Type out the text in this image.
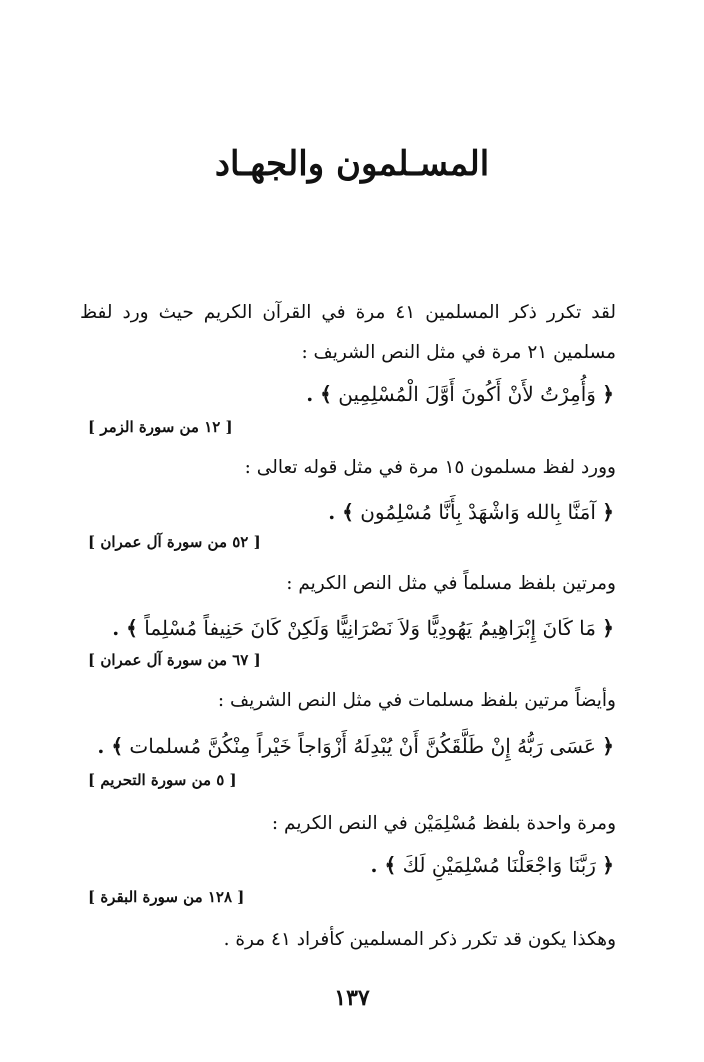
المسـلمون والجهـاد
لقد تكرر ذكر المسلمين ٤١ مرة في القرآن الكريم حيث ورد لفظ
مسلمين ٢١ مرة في مثل النص الشريف :
﴿ وَأُمِرْتُ لأَنْ أَكُونَ أَوَّلَ الْمُسْلِمِين ﴾ .
[ ١٢ من سورة الزمر ]
وورد لفظ مسلمون ١٥ مرة في مثل قوله تعالى :
﴿ آمَنَّا بِالله وَاشْهَدْ بِأَنَّا مُسْلِمُون ﴾ .
[ ٥٢ من سورة آل عمران ]
ومرتين بلفظ مسلماً في مثل النص الكريم :
﴿ مَا كَانَ إِبْرَاهِيمُ يَهُودِيًّا وَلاَ نَصْرَانِيًّا وَلَكِنْ كَانَ حَنِيفاً مُسْلِماً ﴾ .
[ ٦٧ من سورة آل عمران ]
وأيضاً مرتين بلفظ مسلمات في مثل النص الشريف :
﴿ عَسَى رَبُّهُ إِنْ طَلَّقَكُنَّ أَنْ يُبْدِلَهُ أَزْوَاجاً خَيْراً مِنْكُنَّ مُسلمات ﴾ .
[ ٥ من سورة التحريم ]
ومرة واحدة بلفظ مُسْلِمَيْن في النص الكريم :
﴿ رَبَّنَا وَاجْعَلْنَا مُسْلِمَيْنِ لَكَ ﴾ .
[ ١٢٨ من سورة البقرة ]
وهكذا يكون قد تكرر ذكر المسلمين كأفراد ٤١ مرة .
١٣٧
